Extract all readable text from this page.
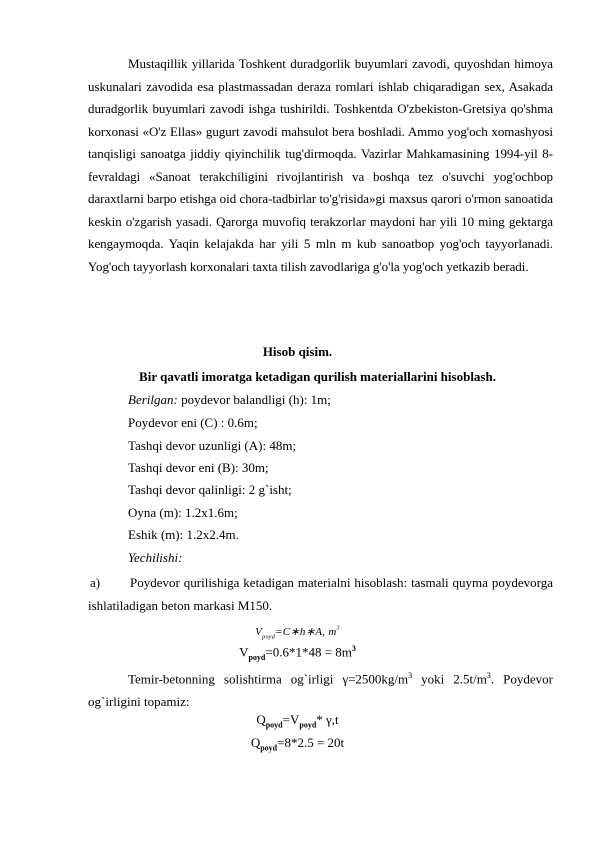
Mustaqillik yillarida Toshkent duradgorlik buyumlari zavodi, quyoshdan himoya uskunalari zavodida esa plastmassadan deraza romlari ishlab chiqaradigan sex, Asakada duradgorlik buyumlari zavodi ishga tushirildi. Toshkentda O'zbekiston-Gretsiya qo'shma korxonasi «O'z Ellas» gugurt zavodi mahsulot bera boshladi. Ammo yog'och xomashyosi tanqisligi sanoatga jiddiy qiyinchilik tug'dirmoqda. Vazirlar Mahkamasining 1994-yil 8-fevraldagi «Sanoat terakchiligini rivojlantirish va boshqa tez o'suvchi yog'ochbop daraxtlarni barpo etishga oid chora-tadbirlar to'g'risida»gi maxsus qarori o'rmon sanoatida keskin o'zgarish yasadi. Qarorga muvofiq terakzorlar maydoni har yili 10 ming gektarga kengaymoqda. Yaqin kelajakda har yili 5 mln m kub sanoatbop yog'och tayyorlanadi. Yog'och tayyorlash korxonalari taxta tilish zavodlariga g'o'la yog'och yetkazib beradi.

Hisob qisim.

Bir qavatli imoratga ketadigan qurilish materiallarini hisoblash.

Berilgan: poydevor balandligi (h): 1m;

Poydevor eni (C) : 0.6m;

Tashqi devor uzunligi (A): 48m;

Tashqi devor eni (B): 30m;

Tashqi devor qalinligi: 2 g`isht;

Oyna (m): 1.2x1.6m;

Eshik (m): 1.2x2.4m.

Yechilishi:

a) Poydevor qurilishiga ketadigan materialni hisoblash: tasmali quyma poydevorga ishlatiladigan beton markasi M150.

$V_{poyd}=C∗h∗A$, $m^3$

$V_{poyd}=0.6*1*48 = 8m^3$

Temir-betonning solishtirma og`irligi $\gamma=2500kg/m^3$ yoki $2.5t/m^3$. Poydevor og`irligini topamiz:

$Q_{poyd}=V_{poyd}*$ γ,t

$Q_{poyd}=8*2.5 = 20t$
